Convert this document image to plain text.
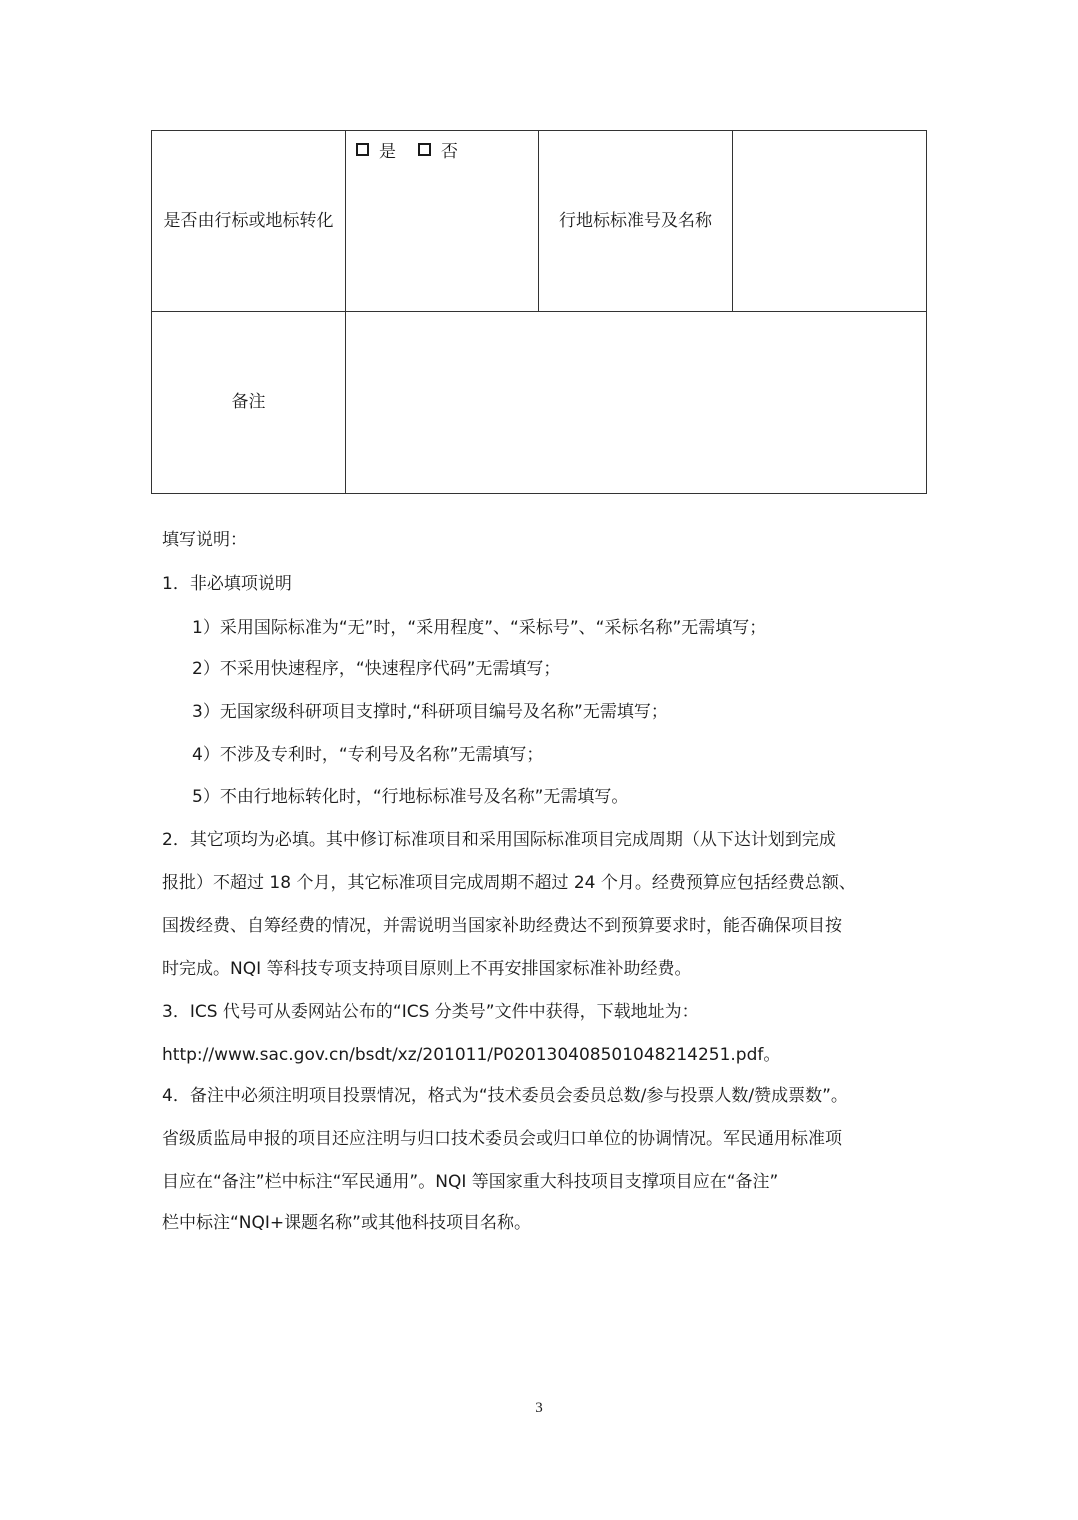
是否由行标或地标转化	是 否	行地标标准号及名称	
备注			
填写说明：
1．非必填项说明
1）采用国际标准为“无”时，“采用程度”、“采标号”、“采标名称”无需填写；
2）不采用快速程序，“快速程序代码”无需填写；
3）无国家级科研项目支撑时,“科研项目编号及名称”无需填写；
4）不涉及专利时，“专利号及名称”无需填写；
5）不由行地标转化时，“行地标标准号及名称”无需填写。
2．其它项均为必填。其中修订标准项目和采用国际标准项目完成周期（从下达计划到完成
报批）不超过 18 个月，其它标准项目完成周期不超过 24 个月。经费预算应包括经费总额、
国拨经费、自筹经费的情况，并需说明当国家补助经费达不到预算要求时，能否确保项目按
时完成。NQI 等科技专项支持项目原则上不再安排国家标准补助经费。
3．ICS 代号可从委网站公布的“ICS 分类号”文件中获得，下载地址为：
http://www.sac.gov.cn/bsdt/xz/201011/P020130408501048214251.pdf。
4．备注中必须注明项目投票情况，格式为“技术委员会委员总数/参与投票人数/赞成票数”。
省级质监局申报的项目还应注明与归口技术委员会或归口单位的协调情况。军民通用标准项
目应在“备注”栏中标注“军民通用”。NQI 等国家重大科技项目支撑项目应在“备注”
栏中标注“NQI+课题名称”或其他科技项目名称。
3
